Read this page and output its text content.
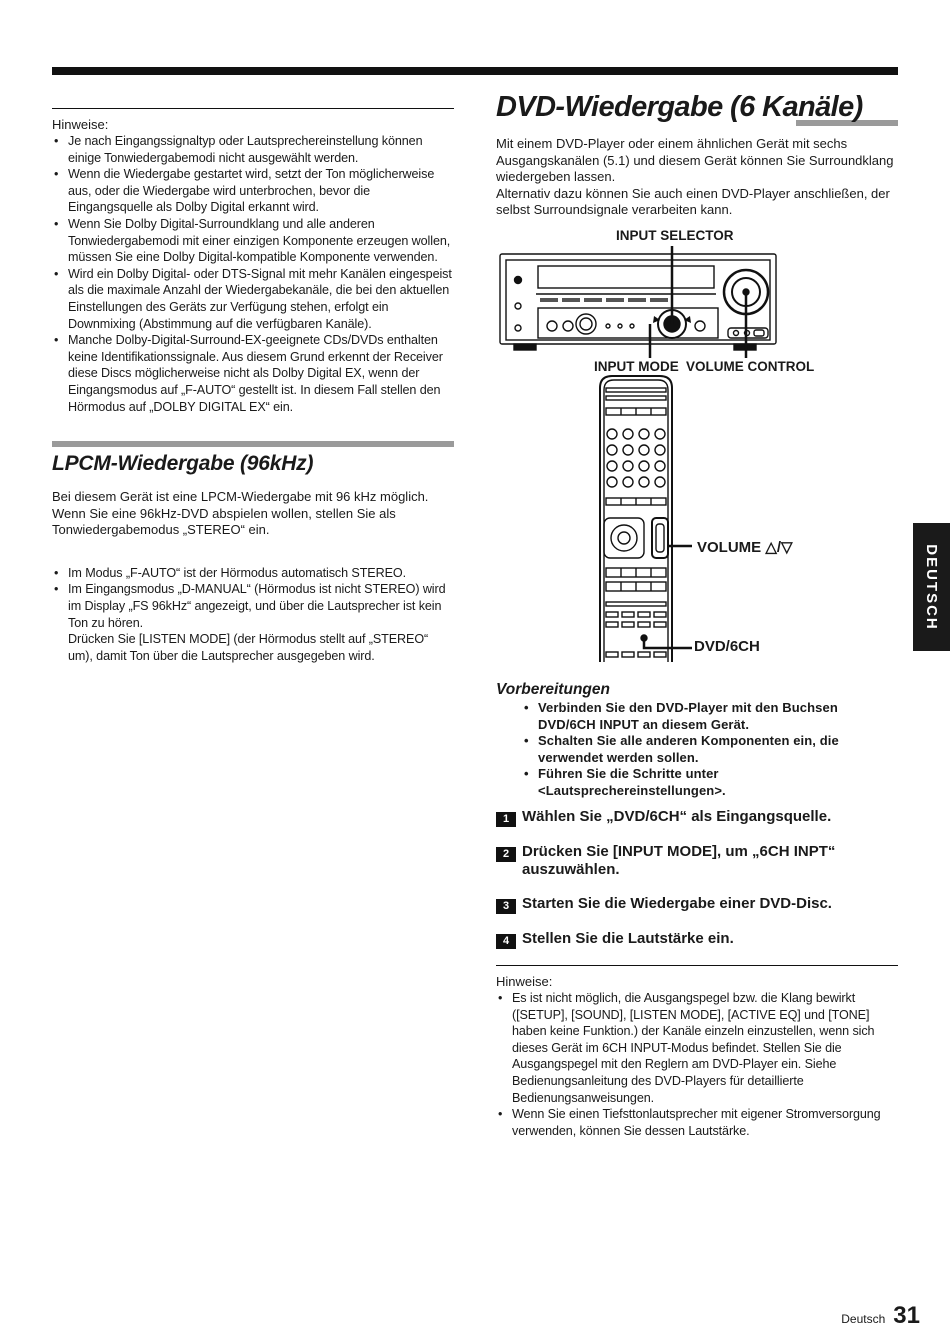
Hinweise:
• Je nach Eingangssignaltyp oder Lautsprechereinstellung können einige Tonwiedergabemodi nicht ausgewählt werden.
• Wenn die Wiedergabe gestartet wird, setzt der Ton möglicherweise aus, oder die Wiedergabe wird unterbrochen, bevor die Eingangsquelle als Dolby Digital erkannt wird.
• Wenn Sie Dolby Digital-Surroundklang und alle anderen Tonwiedergabemodi mit einer einzigen Komponente erzeugen wollen, müssen Sie eine Dolby Digital-kompatible Komponente verwenden.
• Wird ein Dolby Digital- oder DTS-Signal mit mehr Kanälen eingespeist als die maximale Anzahl der Wiedergabekanäle, die bei den aktuellen Einstellungen des Geräts zur Verfügung stehen, erfolgt ein Downmixing (Abstimmung auf die verfügbaren Kanäle).
• Manche Dolby-Digital-Surround-EX-geeignete CDs/DVDs enthalten keine Identifikationssignale. Aus diesem Grund erkennt der Receiver diese Discs möglicherweise nicht als Dolby Digital EX, wenn der Eingangsmodus auf „F-AUTO“ gestellt ist. In diesem Fall stellen den Hörmodus auf „DOLBY DIGITAL EX“ ein.
LPCM-Wiedergabe (96kHz)
Bei diesem Gerät ist eine LPCM-Wiedergabe mit 96 kHz möglich. Wenn Sie eine 96kHz-DVD abspielen wollen, stellen Sie als Tonwiedergabemodus „STEREO“ ein.
• Im Modus „F-AUTO“ ist der Hörmodus automatisch STEREO.
• Im Eingangsmodus „D-MANUAL“ (Hörmodus ist nicht STEREO) wird im Display „FS 96kHz“ angezeigt, und über die Lautsprecher ist kein Ton zu hören.
Drücken Sie [LISTEN MODE] (der Hörmodus stellt auf „STEREO“ um), damit Ton über die Lautsprecher ausgegeben wird.
DVD-Wiedergabe (6 Kanäle)
Mit einem DVD-Player oder einem ähnlichen Gerät mit sechs Ausgangskanälen (5.1) und diesem Gerät können Sie Surroundklang wiedergeben lassen.
Alternativ dazu können Sie auch einen DVD-Player anschließen, der selbst Surroundsignale verarbeiten kann.
INPUT SELECTOR
INPUT MODE VOLUME CONTROL
VOLUME △/▽
DVD/6CH
Vorbereitungen
• Verbinden Sie den DVD-Player mit den Buchsen DVD/6CH INPUT an diesem Gerät.
• Schalten Sie alle anderen Komponenten ein, die verwendet werden sollen.
• Führen Sie die Schritte unter <Lautsprechereinstellungen>.
1 Wählen Sie „DVD/6CH“ als Eingangsquelle.
2 Drücken Sie [INPUT MODE], um „6CH INPT“ auszuwählen.
3 Starten Sie die Wiedergabe einer DVD-Disc.
4 Stellen Sie die Lautstärke ein.
Hinweise:
• Es ist nicht möglich, die Ausgangspegel bzw. die Klang bewirkt ([SETUP], [SOUND], [LISTEN MODE], [ACTIVE EQ] und [TONE] haben keine Funktion.) der Kanäle einzeln einzustellen, wenn sich dieses Gerät im 6CH INPUT-Modus befindet. Stellen Sie die Ausgangspegel mit den Reglern am DVD-Player ein. Siehe Bedienungsanleitung des DVD-Players für detaillierte Bedienungsanweisungen.
• Wenn Sie einen Tiefsttonlautsprecher mit eigener Stromversorgung verwenden, können Sie dessen Lautstärke.
DEUTSCH
Deutsch 31
